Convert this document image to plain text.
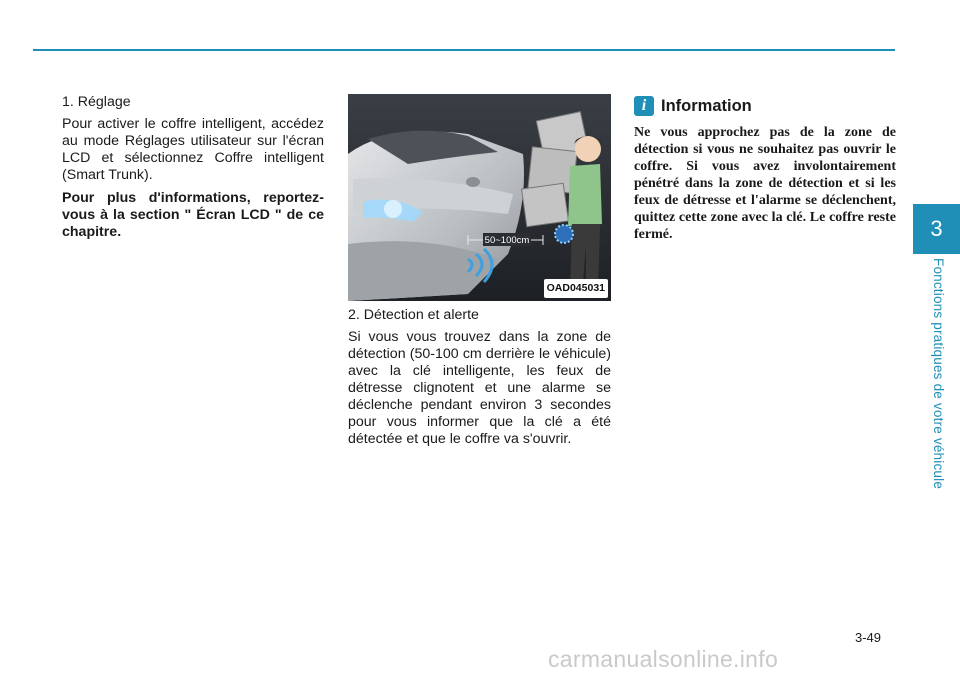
1. Réglage

Pour activer le coffre intelligent, accédez au mode Réglages utilisateur sur l'écran LCD et sélectionnez Coffre intelligent (Smart Trunk).

Pour plus d'informations, reportez-vous à la section " Écran LCD " de ce chapitre.

50~100cm
OAD045031

2. Détection et alerte

Si vous vous trouvez dans la zone de détection (50-100 cm derrière le véhicule) avec la clé intelligente, les feux de détresse clignotent et une alarme se déclenche pendant environ 3 secondes pour vous informer que la clé a été détectée et que le coffre va s'ouvrir.

i Information

Ne vous approchez pas de la zone de détection si vous ne souhaitez pas ouvrir le coffre. Si vous avez involontairement pénétré dans la zone de détection et si les feux de détresse et l'alarme se déclenchent, quittez cette zone avec la clé. Le coffre reste fermé.	3
Fonctions pratiques de votre véhicule
3-49
carmanualsonline.info
